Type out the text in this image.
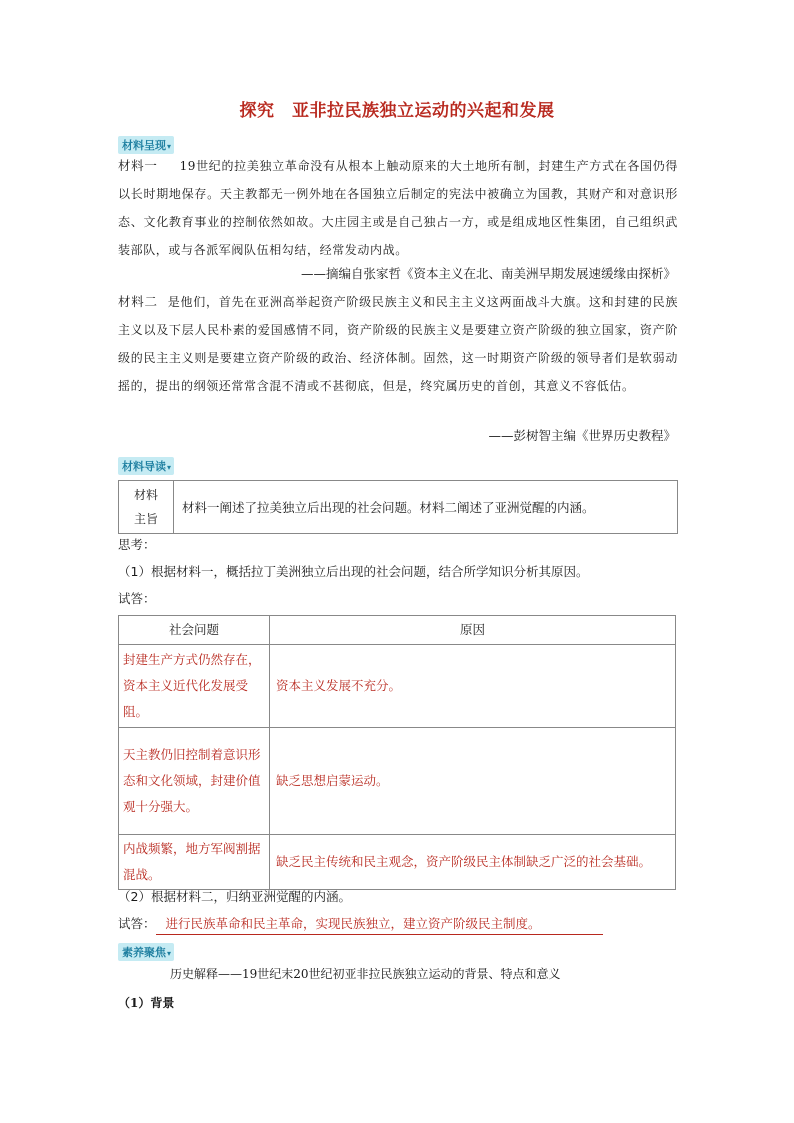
探究　亚非拉民族独立运动的兴起和发展
材料呈现▾
材料一 19世纪的拉美独立革命没有从根本上触动原来的大土地所有制，封建生产方式在各国仍得以长时期地保存。天主教都无一例外地在各国独立后制定的宪法中被确立为国教，其财产和对意识形态、文化教育事业的控制依然如故。大庄园主或是自己独占一方，或是组成地区性集团，自己组织武装部队，或与各派军阀队伍相勾结，经常发动内战。
——摘编自张家哲《资本主义在北、南美洲早期发展速缓缘由探析》
材料二 是他们，首先在亚洲高举起资产阶级民族主义和民主主义这两面战斗大旗。这和封建的民族主义以及下层人民朴素的爱国感情不同，资产阶级的民族主义是要建立资产阶级的独立国家，资产阶级的民主主义则是要建立资产阶级的政治、经济体制。固然，这一时期资产阶级的领导者们是软弱动摇的，提出的纲领还常常含混不清或不甚彻底，但是，终究属历史的首创，其意义不容低估。
——彭树智主编《世界历史教程》
材料导读▾
材料
主旨
	材料一阐述了拉美独立后出现的社会问题。材料二阐述了亚洲觉醒的内涵。
思考：
（1）根据材料一，概括拉丁美洲独立后出现的社会问题，结合所学知识分析其原因。
试答：
社会问题	原因
封建生产方式仍然存在，资本主义近代化发展受阻。	资本主义发展不充分。
天主教仍旧控制着意识形态和文化领域，封建价值观十分强大。	缺乏思想启蒙运动。
内战频繁，地方军阀割据混战。	缺乏民主传统和民主观念，资产阶级民主体制缺乏广泛的社会基础。
（2）根据材料二，归纳亚洲觉醒的内涵。
试答： 进行民族革命和民主革命，实现民族独立，建立资产阶级民主制度。
素养聚焦▾
历史解释——19世纪末20世纪初亚非拉民族独立运动的背景、特点和意义
（1）背景
